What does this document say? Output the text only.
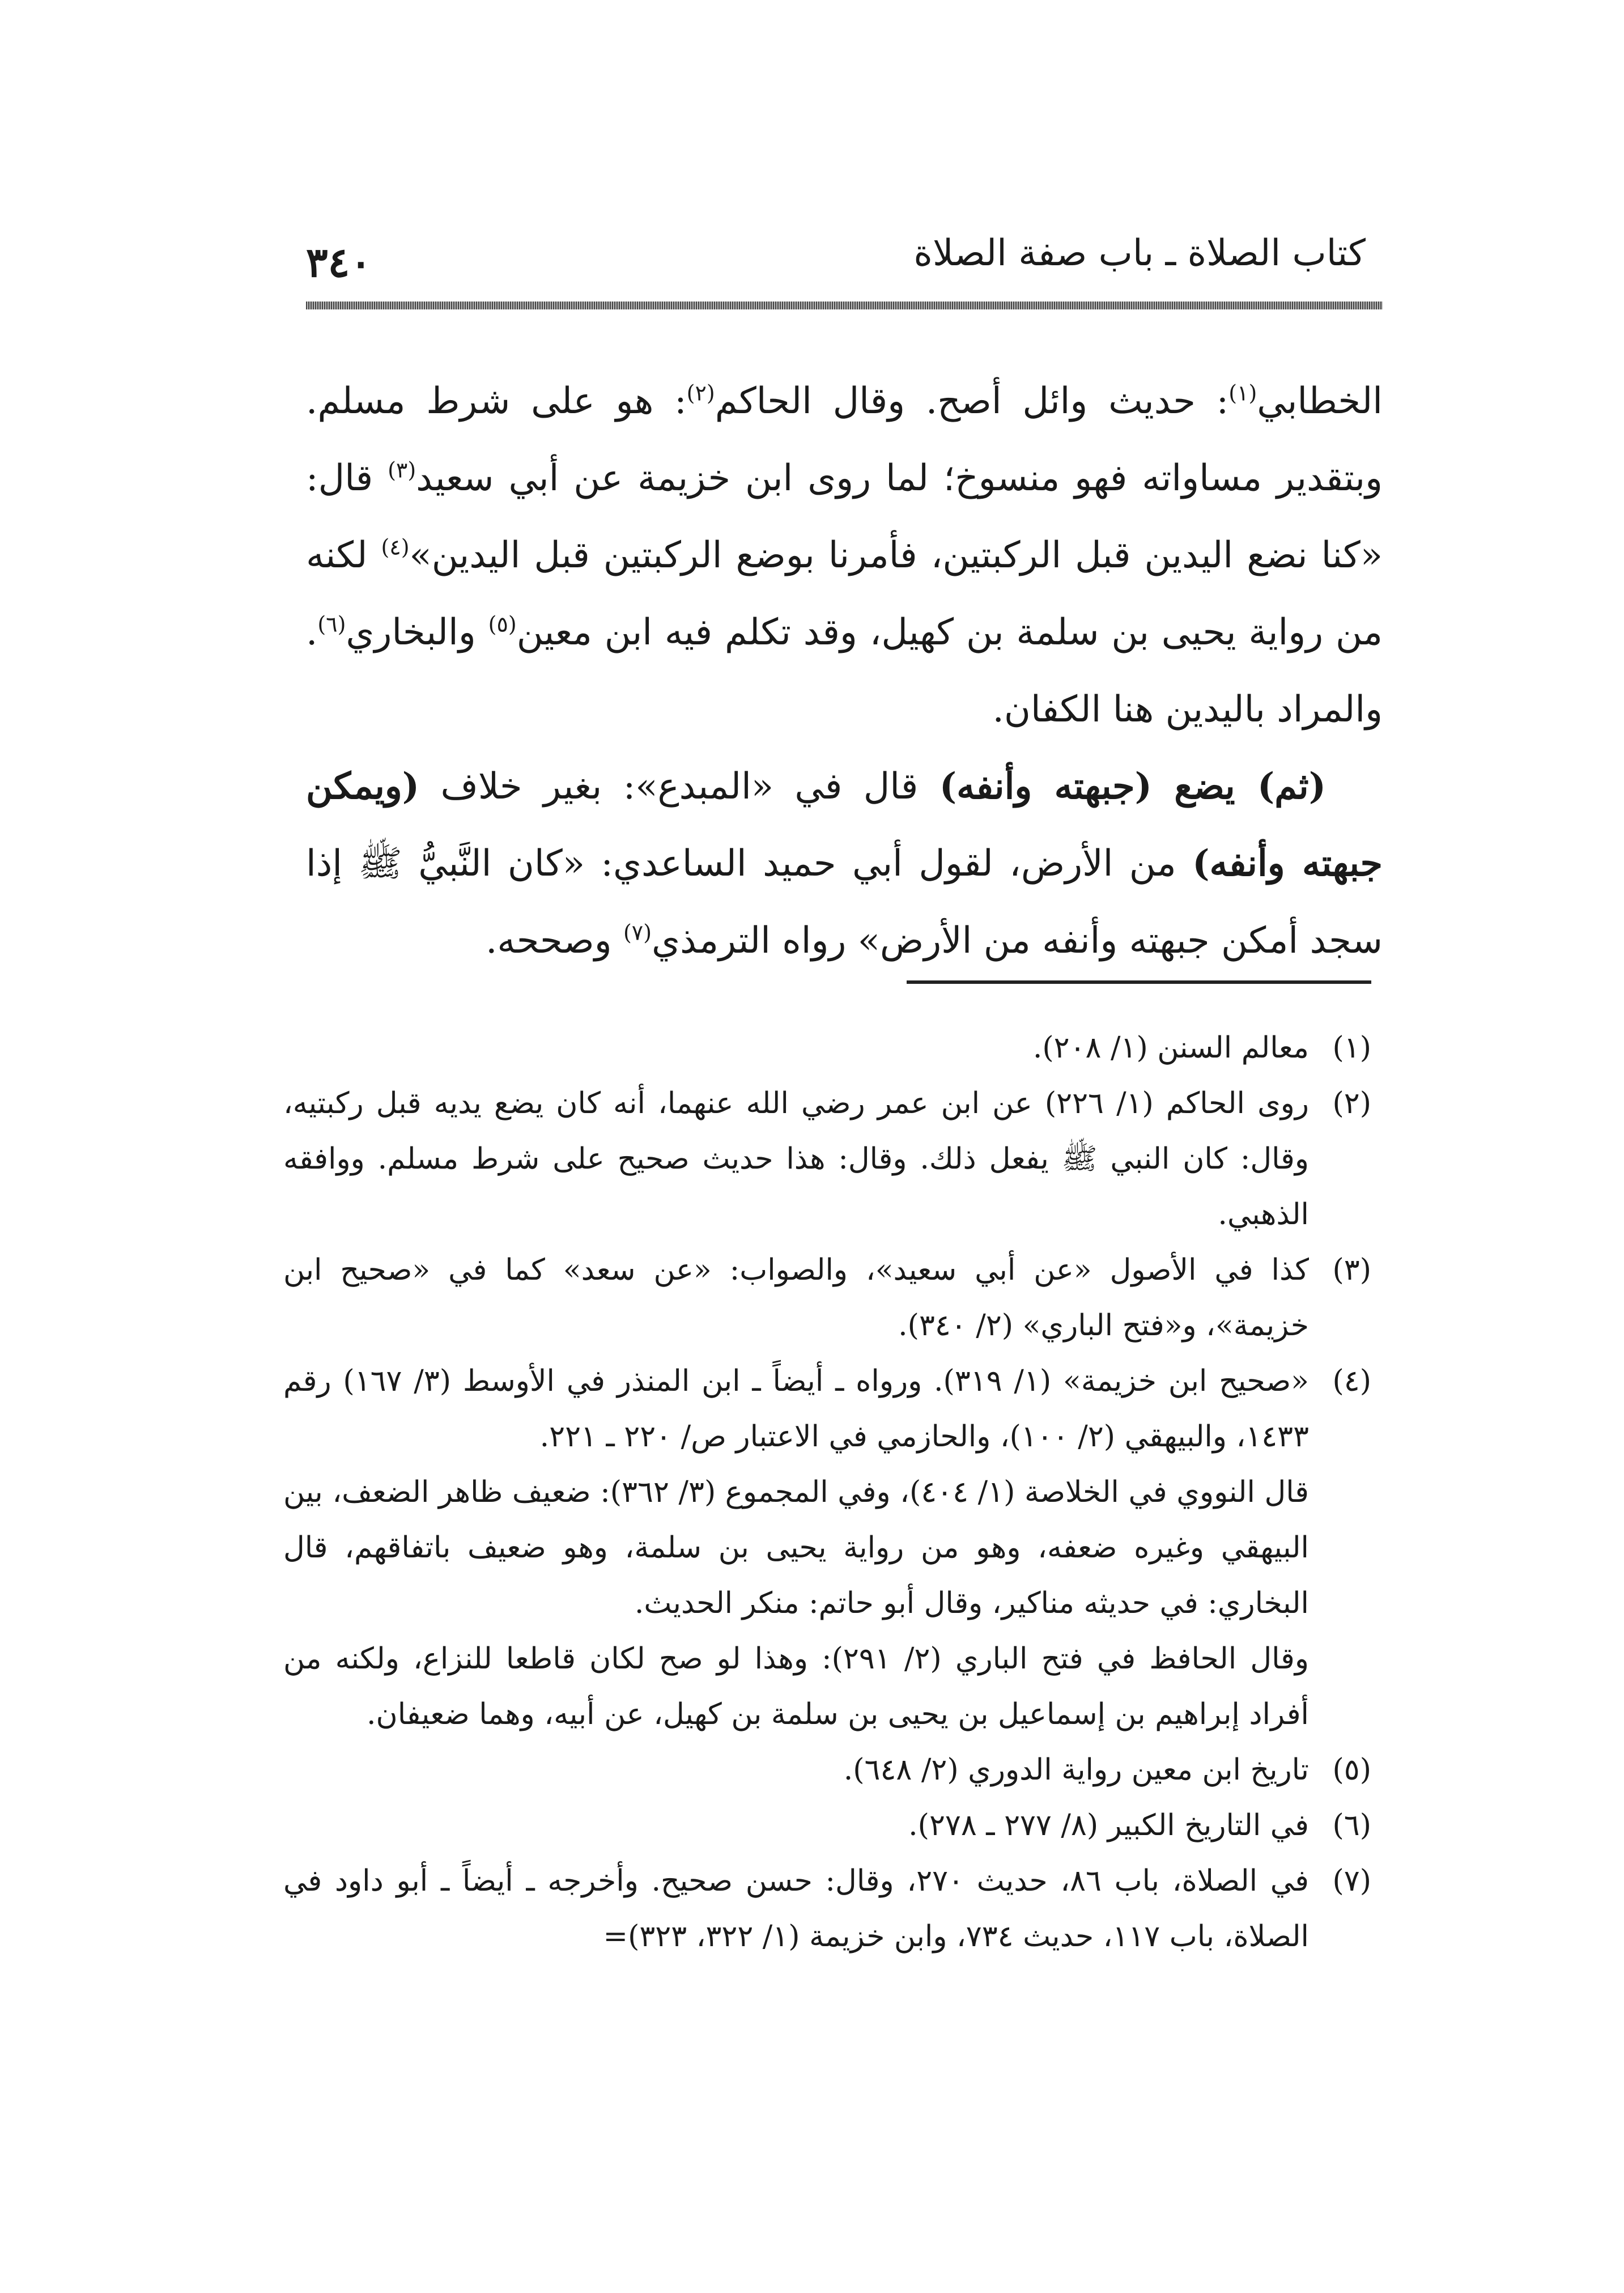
٣٤٠	كتاب الصلاة ـ باب صفة الصلاة

الخطابي$^{(١)}$: حديث وائل أصح. وقال الحاكم$^{(٢)}$: هو على شرط مسلم. وبتقدير مساواته فهو منسوخ؛ لما روى ابن خزيمة عن أبي سعيد$^{(٣)}$ قال: «كنا نضع اليدين قبل الركبتين، فأمرنا بوضع الركبتين قبل اليدين»$^{(٤)}$ لكنه من رواية يحيى بن سلمة بن كهيل، وقد تكلم فيه ابن معين$^{(٥)}$ والبخاري$^{(٦)}$. والمراد باليدين هنا الكفان.

(ثم) يضع (جبهته وأنفه) قال في «المبدع»: بغير خلاف (ويمكن جبهته وأنفه) من الأرض، لقول أبي حميد الساعدي: «كان النَّبيُّ ﷺ إذا سجد أمكن جبهته وأنفه من الأرض» رواه الترمذي$^{(٧)}$ وصححه.

(١)
معالم السنن (١/ ٢٠٨).
(٢)
روى الحاكم (١/ ٢٢٦) عن ابن عمر رضي الله عنهما، أنه كان يضع يديه قبل ركبتيه، وقال: كان النبي ﷺ يفعل ذلك. وقال: هذا حديث صحيح على شرط مسلم. ووافقه الذهبي.
(٣)
كذا في الأصول «عن أبي سعيد»، والصواب: «عن سعد» كما في «صحيح ابن خزيمة»، و«فتح الباري» (٢/ ٣٤٠).
(٤)
«صحيح ابن خزيمة» (١/ ٣١٩). ورواه ـ أيضاً ـ ابن المنذر في الأوسط (٣/ ١٦٧) رقم ١٤٣٣، والبيهقي (٢/ ١٠٠)، والحازمي في الاعتبار ص/ ٢٢٠ ـ ٢٢١.
قال النووي في الخلاصة (١/ ٤٠٤)، وفي المجموع (٣/ ٣٦٢): ضعيف ظاهر الضعف، بين البيهقي وغيره ضعفه، وهو من رواية يحيى بن سلمة، وهو ضعيف باتفاقهم، قال البخاري: في حديثه مناكير، وقال أبو حاتم: منكر الحديث.
وقال الحافظ في فتح الباري (٢/ ٢٩١): وهذا لو صح لكان قاطعا للنزاع، ولكنه من أفراد إبراهيم بن إسماعيل بن يحيى بن سلمة بن كهيل، عن أبيه، وهما ضعيفان.
(٥)
تاريخ ابن معين رواية الدوري (٢/ ٦٤٨).
(٦)
في التاريخ الكبير (٨/ ٢٧٧ ـ ٢٧٨).
(٧)
في الصلاة، باب ٨٦، حديث ٢٧٠، وقال: حسن صحيح. وأخرجه ـ أيضاً ـ أبو داود في الصلاة، باب ١١٧، حديث ٧٣٤، وابن خزيمة (١/ ٣٢٢، ٣٢٣)=
